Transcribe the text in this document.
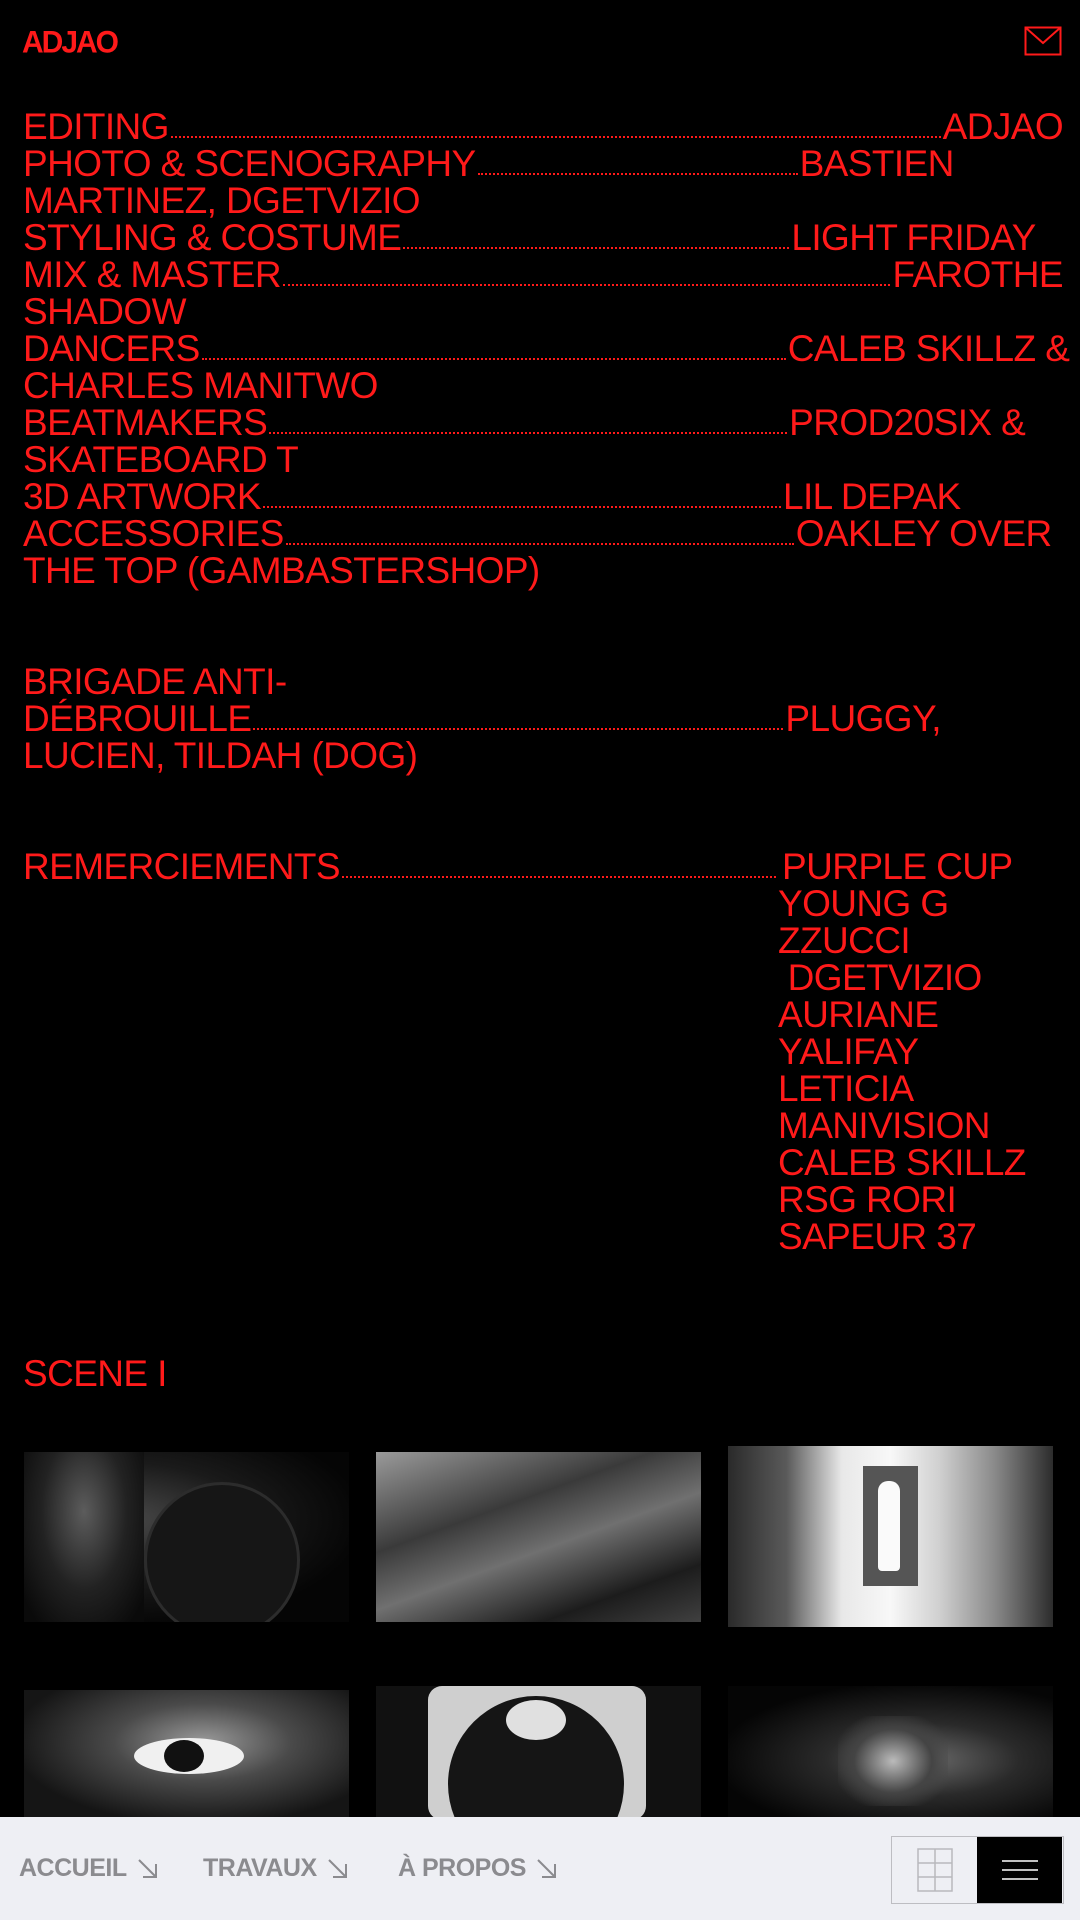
ADJAO
EDITING	ADJAO
PHOTO & SCENOGRAPHY	BASTIEN
MARTINEZ, DGETVIZIO
STYLING & COSTUME	LIGHT FRIDAY
MIX & MASTER	FAROTHE
SHADOW
DANCERS	CALEB SKILLZ &
CHARLES MANITWO
BEATMAKERS	PROD20SIX &
SKATEBOARD T
3D ARTWORK	LIL DEPAK
ACCESSORIES	OAKLEY OVER
THE TOP (GAMBASTERSHOP)
BRIGADE ANTI-
DÉBROUILLE	PLUGGY,
LUCIEN, TILDAH (DOG)
REMERCIEMENTS	PURPLE CUP
YOUNG G
ZZUCCI
DGETVIZIO
AURIANE
YALIFAY
LETICIA
MANIVISION
CALEB SKILLZ
RSG RORI
SAPEUR 37
SCENE I
ACCUEIL	TRAVAUX	À PROPOS
